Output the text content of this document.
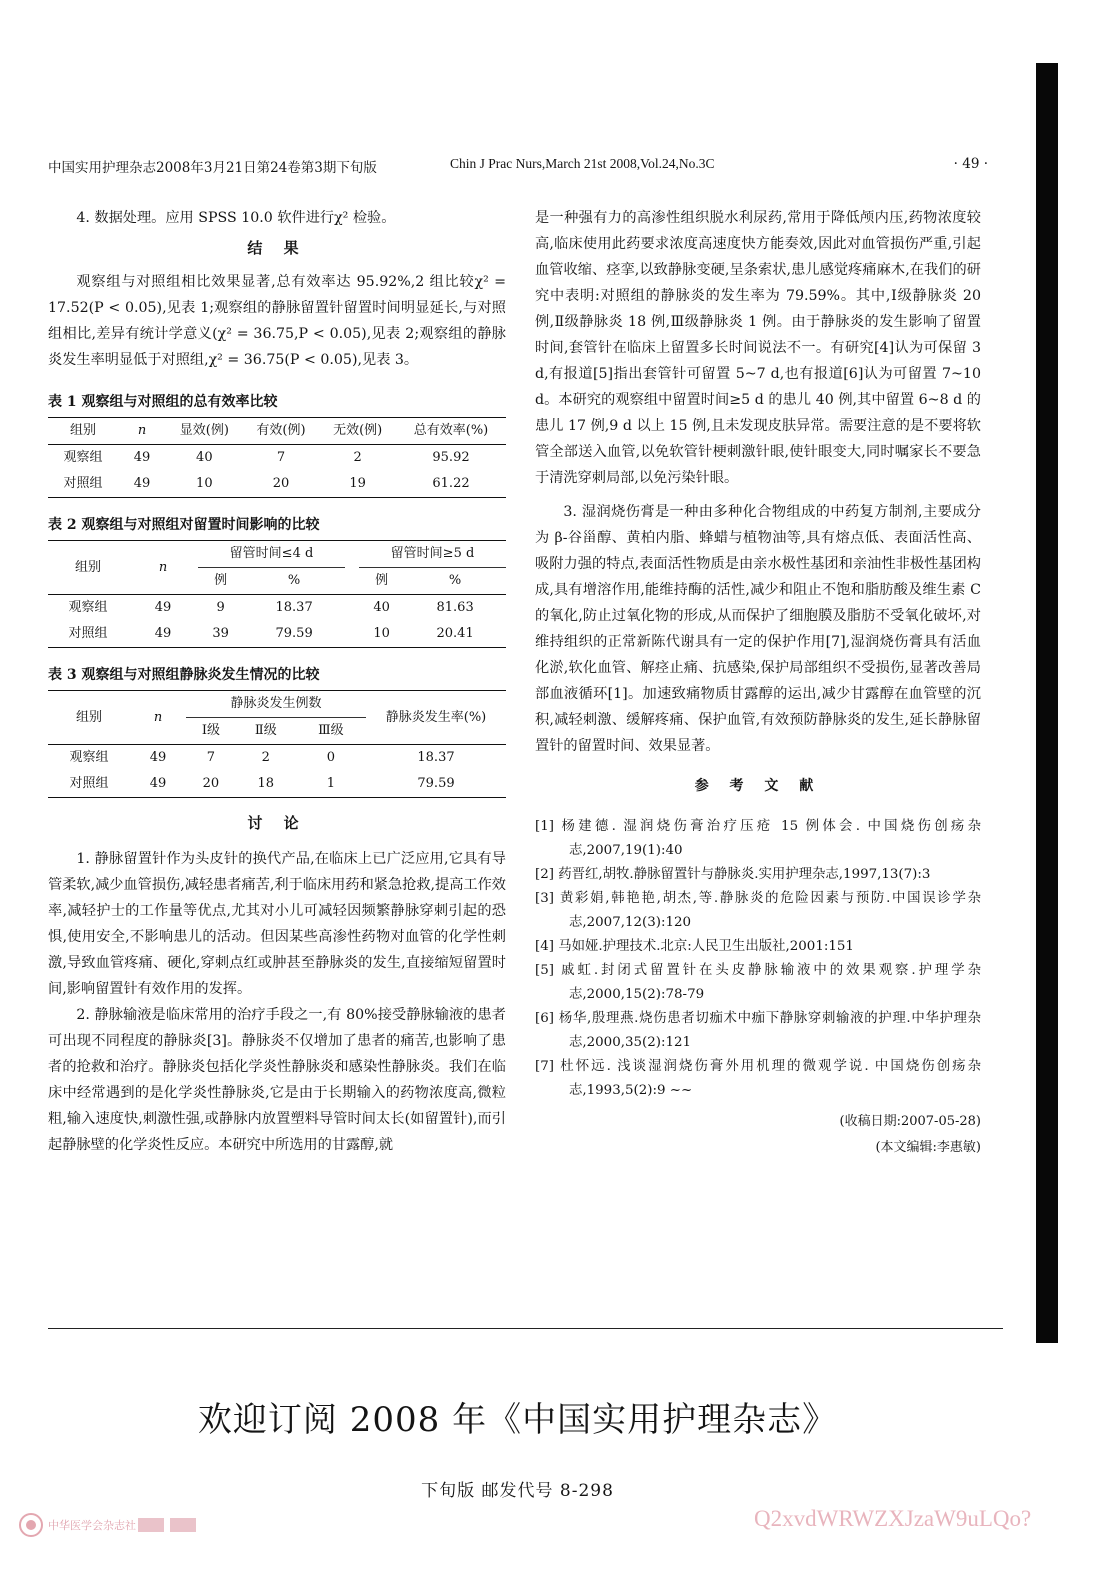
中国实用护理杂志2008年3月21日第24卷第3期下旬版	Chin J Prac Nurs,March 21st 2008,Vol.24,No.3C	· 49 ·

4. 数据处理。应用 SPSS 10.0 软件进行χ² 检验。

结 果

观察组与对照组相比效果显著,总有效率达 95.92%,2 组比较χ² = 17.52(P < 0.05),见表 1;观察组的静脉留置针留置时间明显延长,与对照组相比,差异有统计学意义(χ² = 36.75,P < 0.05),见表 2;观察组的静脉炎发生率明显低于对照组,χ² = 36.75(P < 0.05),见表 3。

表 1 观察组与对照组的总有效率比较

组别	n	显效(例)	有效(例)	无效(例)	总有效率(%)
观察组	49	40	7	2	95.92
对照组	49	10	20	19	61.22

表 2 观察组与对照组对留置时间影响的比较

组别	n	留管时间≤4 d			留管时间≥5 d	
		例	%		例	%
观察组	49	9	18.37		40	81.63
对照组	49	39	79.59		10	20.41

表 3 观察组与对照组静脉炎发生情况的比较

组别	n	静脉炎发生例数			静脉炎发生率(%)
		Ⅰ级	Ⅱ级	Ⅲ级	
观察组	49	7	2	0	18.37
对照组	49	20	18	1	79.59
讨 论

1. 静脉留置针作为头皮针的换代产品,在临床上已广泛应用,它具有导管柔软,减少血管损伤,减轻患者痛苦,利于临床用药和紧急抢救,提高工作效率,减轻护士的工作量等优点,尤其对小儿可减轻因频繁静脉穿刺引起的恐惧,使用安全,不影响患儿的活动。但因某些高渗性药物对血管的化学性刺激,导致血管疼痛、硬化,穿刺点红或肿甚至静脉炎的发生,直接缩短留置时间,影响留置针有效作用的发挥。

2. 静脉输液是临床常用的治疗手段之一,有 80%接受静脉输液的患者可出现不同程度的静脉炎[3]。静脉炎不仅增加了患者的痛苦,也影响了患者的抢救和治疗。静脉炎包括化学炎性静脉炎和感染性静脉炎。我们在临床中经常遇到的是化学炎性静脉炎,它是由于长期输入的药物浓度高,微粒粗,输入速度快,刺激性强,或静脉内放置塑料导管时间太长(如留置针),而引起静脉壁的化学炎性反应。本研究中所选用的甘露醇,就

是一种强有力的高渗性组织脱水利尿药,常用于降低颅内压,药物浓度较高,临床使用此药要求浓度高速度快方能奏效,因此对血管损伤严重,引起血管收缩、痉挛,以致静脉变硬,呈条索状,患儿感觉疼痛麻木,在我们的研究中表明:对照组的静脉炎的发生率为 79.59%。其中,Ⅰ级静脉炎 20 例,Ⅱ级静脉炎 18 例,Ⅲ级静脉炎 1 例。由于静脉炎的发生影响了留置时间,套管针在临床上留置多长时间说法不一。有研究[4]认为可保留 3 d,有报道[5]指出套管针可留置 5~7 d,也有报道[6]认为可留置 7~10 d。本研究的观察组中留置时间≥5 d 的患儿 40 例,其中留置 6~8 d 的患儿 17 例,9 d 以上 15 例,且未发现皮肤异常。需要注意的是不要将软管全部送入血管,以免软管针梗刺激针眼,使针眼变大,同时嘱家长不要急于清洗穿刺局部,以免污染针眼。

3. 湿润烧伤膏是一种由多种化合物组成的中药复方制剂,主要成分为 β-谷甾醇、黄柏内脂、蜂蜡与植物油等,具有熔点低、表面活性高、吸附力强的特点,表面活性物质是由亲水极性基团和亲油性非极性基团构成,具有增溶作用,能维持酶的活性,减少和阻止不饱和脂肪酸及维生素 C 的氧化,防止过氧化物的形成,从而保护了细胞膜及脂肪不受氧化破坏,对维持组织的正常新陈代谢具有一定的保护作用[7],湿润烧伤膏具有活血化淤,软化血管、解痉止痛、抗感染,保护局部组织不受损伤,显著改善局部血液循环[1]。加速致痛物质甘露醇的运出,减少甘露醇在血管壁的沉积,减轻刺激、缓解疼痛、保护血管,有效预防静脉炎的发生,延长静脉留置针的留置时间、效果显著。

参 考 文 献

[1] 杨建德. 湿润烧伤膏治疗压疮 15 例体会. 中国烧伤创疡杂志,2007,19(1):40

[2] 药晋红,胡牧.静脉留置针与静脉炎.实用护理杂志,1997,13(7):3

[3] 黄彩娟,韩艳艳,胡杰,等.静脉炎的危险因素与预防.中国误诊学杂志,2007,12(3):120

[4] 马如娅.护理技术.北京:人民卫生出版社,2001:151

[5] 戚虹.封闭式留置针在头皮静脉输液中的效果观察.护理学杂志,2000,15(2):78-79

[6] 杨华,殷理燕.烧伤患者切痂术中痂下静脉穿刺输液的护理.中华护理杂志,2000,35(2):121

[7] 杜怀远. 浅谈湿润烧伤膏外用机理的微观学说. 中国烧伤创疡杂志,1993,5(2):9 ~~

(收稿日期:2007-05-28)

(本文编辑:李惠敏)

欢迎订阅 2008 年《中国实用护理杂志》
下旬版 邮发代号 8-298
中华医学会杂志社	Q2xvdWRWZXJzaW9uLQo?
